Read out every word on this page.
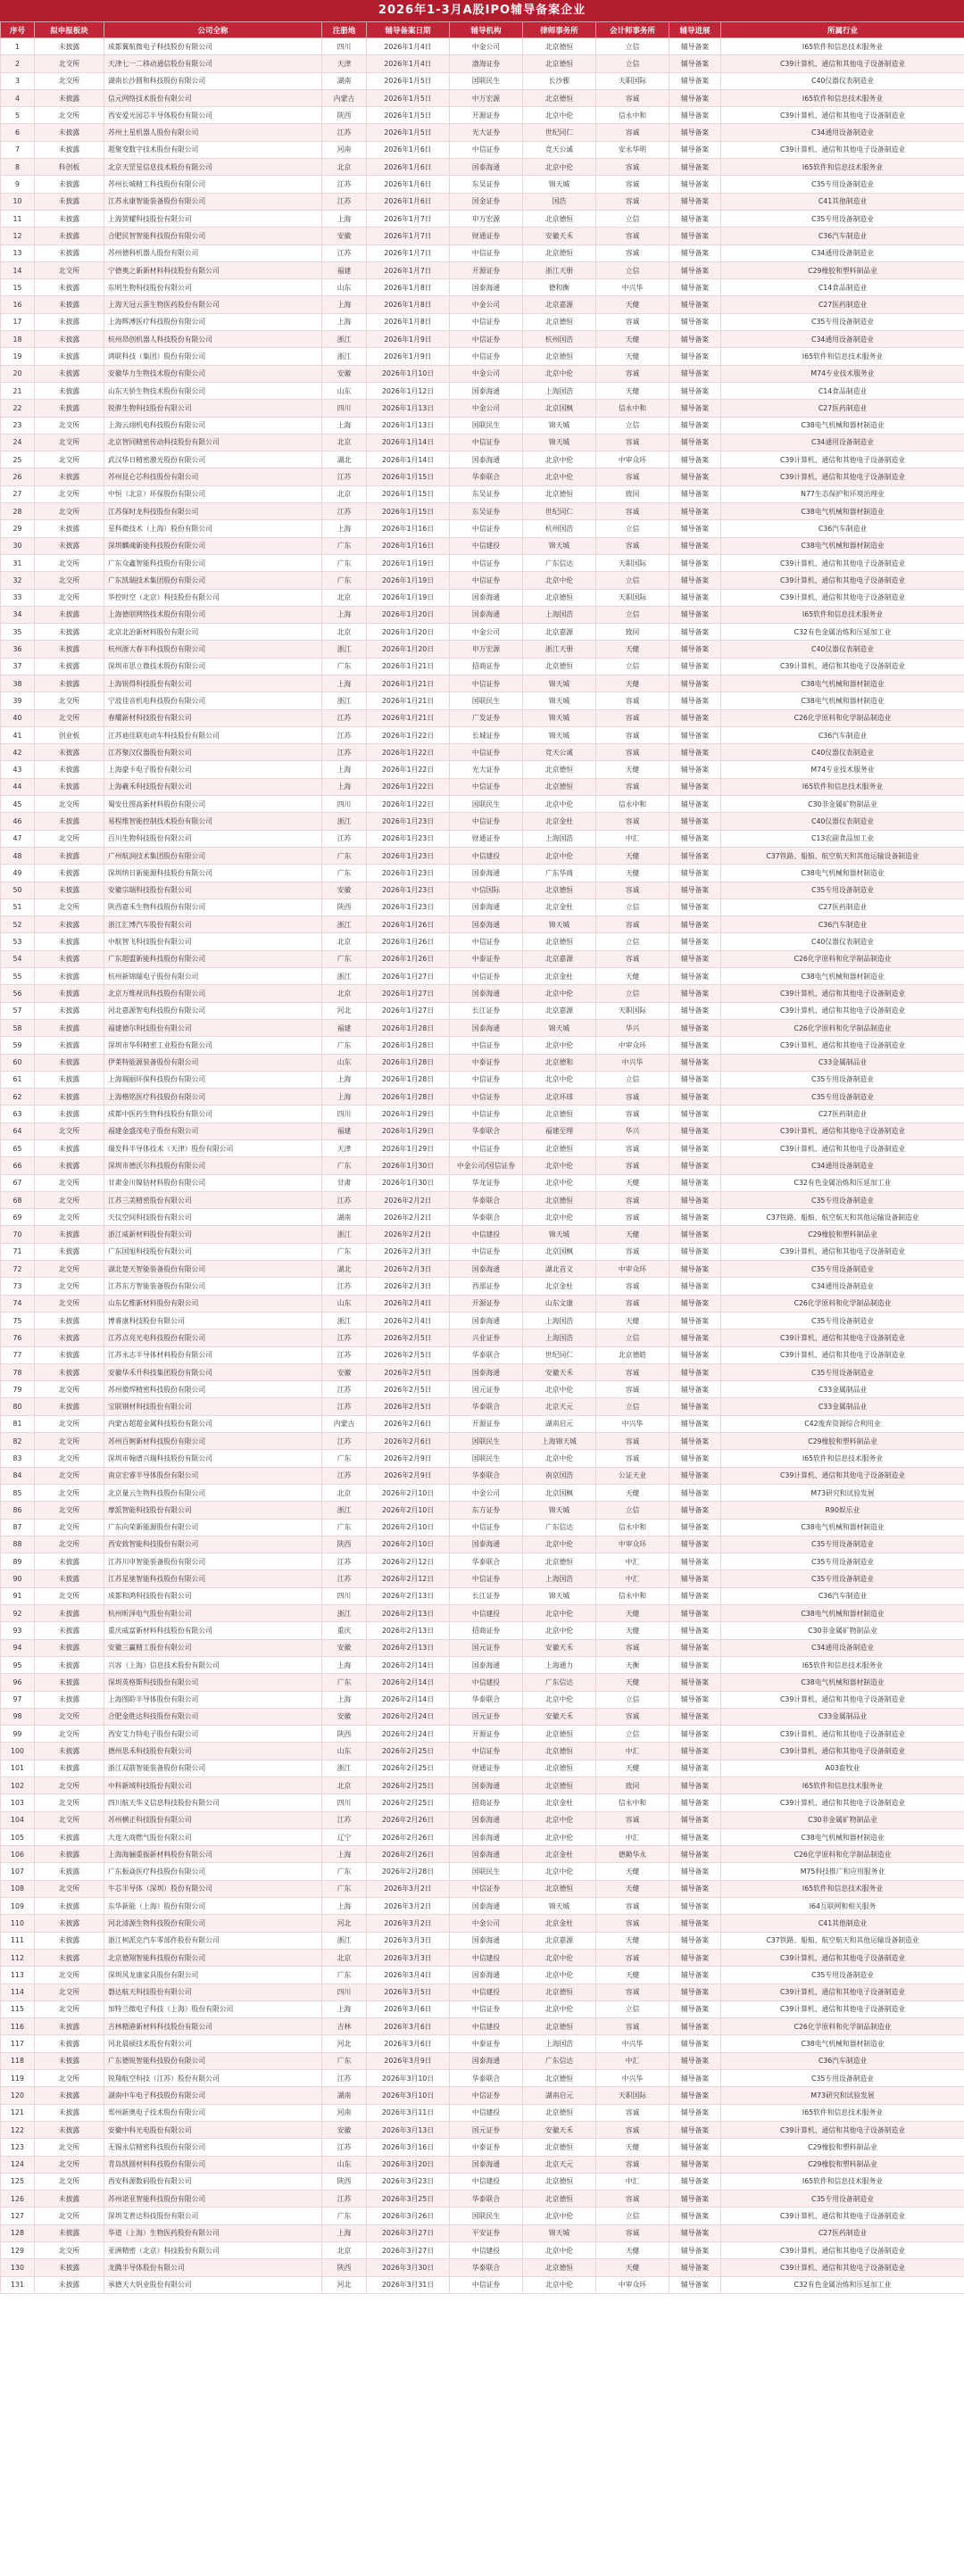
2026年1-3月A股IPO辅导备案企业
序号	拟申报板块	公司全称	注册地	辅导备案日期	辅导机构	律师事务所	会计师事务所	辅导进展	所属行业
1	未披露	成都翼航微电子科技股份有限公司	四川	2026年1月4日	中金公司	北京德恒	立信	辅导备案	I65软件和信息技术服务业
2	北交所	天津七一二移动通信股份有限公司	天津	2026年1月4日	渤海证券	北京德恒	立信	辅导备案	C39计算机、通信和其他电子设备制造业
3	北交所	湖南长沙圆和科技股份有限公司	湖南	2026年1月5日	国联民生	长沙雅	天职国际	辅导备案	C40仪器仪表制造业
4	未披露	信元网络技术股份有限公司	内蒙古	2026年1月5日	中万宏源	北京德恒	容诚	辅导备案	I65软件和信息技术服务业
5	北交所	西安爱光园芯半导体股份有限公司	陕西	2026年1月5日	开源证券	北京中伦	信永中和	辅导备案	C39计算机、通信和其他电子设备制造业
6	未披露	苏州土星机器人股份有限公司	江苏	2026年1月5日	光大证券	世纪同仁	容诚	辅导备案	C34通用设备制造业
7	未披露	超聚变数字技术股份有限公司	河南	2026年1月6日	中信证券	竞天公诚	安永华明	辅导备案	C39计算机、通信和其他电子设备制造业
8	科创板	北京天罡星信息技术股份有限公司	北京	2026年1月6日	国泰海通	北京中伦	容诚	辅导备案	I65软件和信息技术服务业
9	未披露	苏州长城精工科技股份有限公司	江苏	2026年1月6日	东吴证券	锦天城	容诚	辅导备案	C35专用设备制造业
10	未披露	江苏永康智能装备股份有限公司	江苏	2026年1月6日	国金证券	国浩	容诚	辅导备案	C41其他制造业
11	未披露	上海贺耀科技股份有限公司	上海	2026年1月7日	申万宏源	北京德恒	立信	辅导备案	C35专用设备制造业
12	未披露	合肥民智智能科技股份有限公司	安徽	2026年1月7日	财通证券	安徽天禾	容诚	辅导备案	C36汽车制造业
13	未披露	苏州德科机器人股份有限公司	江苏	2026年1月7日	中信证券	北京德恒	容诚	辅导备案	C34通用设备制造业
14	北交所	宁德奥之新新材料科技股份有限公司	福建	2026年1月7日	开源证券	浙江天册	立信	辅导备案	C29橡胶和塑料制品业
15	未披露	东明生物科技股份有限公司	山东	2026年1月8日	国泰海通	德和衡	中兴华	辅导备案	C14食品制造业
16	未披露	上海天冠云蛋生物医药股份有限公司	上海	2026年1月8日	中金公司	北京嘉源	天健	辅导备案	C27医药制造业
17	未披露	上海辉溥医疗科技股份有限公司	上海	2026年1月8日	中信证券	北京德恒	容诚	辅导备案	C35专用设备制造业
18	未披露	杭州昂创机器人科技股份有限公司	浙江	2026年1月9日	中信证券	杭州国浩	天健	辅导备案	C34通用设备制造业
19	未披露	鸿联科技（集团）股份有限公司	浙江	2026年1月9日	中信证券	北京德恒	天健	辅导备案	I65软件和信息技术服务业
20	未披露	安徽华力生物技术股份有限公司	安徽	2026年1月10日	中金公司	北京中伦	容诚	辅导备案	M74专业技术服务业
21	未披露	山东天骄生物技术股份有限公司	山东	2026年1月12日	国泰海通	上海国浩	天健	辅导备案	C14食品制造业
22	未披露	锐骅生物科技股份有限公司	四川	2026年1月13日	中金公司	北京国枫	信永中和	辅导备案	C27医药制造业
23	北交所	上海云翊机电科技股份有限公司	上海	2026年1月13日	国联民生	锦天城	立信	辅导备案	C38电气机械和器材制造业
24	北交所	北京智同精密传动科技股份有限公司	北京	2026年1月14日	中信证券	锦天城	容诚	辅导备案	C34通用设备制造业
25	北交所	武汉华日精密激光股份有限公司	湖北	2026年1月14日	国泰海通	北京中伦	中审众环	辅导备案	C39计算机、通信和其他电子设备制造业
26	未披露	苏州昆仑芯科技股份有限公司	江苏	2026年1月15日	华泰联合	北京中伦	容诚	辅导备案	C39计算机、通信和其他电子设备制造业
27	北交所	中恒（北京）环保股份有限公司	北京	2026年1月15日	东吴证券	北京德恒	致同	辅导备案	N77生态保护和环境治理业
28	北交所	江苏保时龙科技股份有限公司	江苏	2026年1月15日	东吴证券	世纪同仁	容诚	辅导备案	C38电气机械和器材制造业
29	未披露	星科微技术（上海）股份有限公司	上海	2026年1月16日	中信证券	杭州国浩	立信	辅导备案	C36汽车制造业
30	未披露	深圳麟魂新能科技股份有限公司	广东	2026年1月16日	中信建投	锦天城	容诚	辅导备案	C38电气机械和器材制造业
31	北交所	广东众鑫智能科技股份有限公司	广东	2026年1月19日	中信证券	广东信达	天职国际	辅导备案	C39计算机、通信和其他电子设备制造业
32	北交所	广东凯瑞技术集团股份有限公司	广东	2026年1月19日	中信证券	北京中伦	立信	辅导备案	C39计算机、通信和其他电子设备制造业
33	北交所	华控时空（北京）科技股份有限公司	北京	2026年1月19日	国泰海通	北京德恒	天职国际	辅导备案	C39计算机、通信和其他电子设备制造业
34	未披露	上海德朋网络技术股份有限公司	上海	2026年1月20日	国泰海通	上海国浩	立信	辅导备案	I65软件和信息技术服务业
35	未披露	北京北冶新材料股份有限公司	北京	2026年1月20日	中金公司	北京嘉源	致同	辅导备案	C32有色金属冶炼和压延加工业
36	未披露	杭州浙大春丰科技股份有限公司	浙江	2026年1月20日	申万宏源	浙江天册	天健	辅导备案	C40仪器仪表制造业
37	未披露	深圳市思立微技术股份有限公司	广东	2026年1月21日	招商证券	北京德恒	立信	辅导备案	C39计算机、通信和其他电子设备制造业
38	未披露	上海锐得科技股份有限公司	上海	2026年1月21日	中信证券	锦天城	天健	辅导备案	C38电气机械和器材制造业
39	北交所	宁波佳音机电科技股份有限公司	浙江	2026年1月21日	国联民生	锦天城	容诚	辅导备案	C38电气机械和器材制造业
40	北交所	春耀新材科技股份有限公司	江苏	2026年1月21日	广发证券	锦天城	容诚	辅导备案	C26化学原料和化学制品制造业
41	创业板	江苏迪佳联电动车科技股份有限公司	江苏	2026年1月22日	长城证券	锦天城	容诚	辅导备案	C36汽车制造业
42	未披露	江苏聚汉仪器股份有限公司	江苏	2026年1月22日	中信证券	竞天公诚	容诚	辅导备案	C40仪器仪表制造业
43	未披露	上海豪卡电子股份有限公司	上海	2026年1月22日	光大证券	北京德恒	天健	辅导备案	M74专业技术服务业
44	未披露	上海羲禾科技股份有限公司	上海	2026年1月22日	中信证券	北京德恒	容诚	辅导备案	I65软件和信息技术服务业
45	北交所	蜀安仕图高新材料股份有限公司	四川	2026年1月22日	国联民生	北京中伦	信永中和	辅导备案	C30非金属矿物制品业
46	未披露	易程维智能控制技术股份有限公司	浙江	2026年1月23日	中信证券	北京金杜	容诚	辅导备案	C40仪器仪表制造业
47	北交所	百川生物科技股份有限公司	江苏	2026年1月23日	财通证券	上海国浩	中汇	辅导备案	C13农副食品加工业
48	未披露	广州航润技术集团股份有限公司	广东	2026年1月23日	中信建投	北京中伦	天健	辅导备案	C37铁路、船舶、航空航天和其他运输设备制造业
49	未披露	深圳纳日新能源科技股份有限公司	广东	2026年1月23日	国泰海通	广东华商	天健	辅导备案	C38电气机械和器材制造业
50	未披露	安徽宗瑞科技股份有限公司	安徽	2026年1月23日	中信国际	北京德恒	容诚	辅导备案	C35专用设备制造业
51	北交所	陕西嘉禾生物科技股份有限公司	陕西	2026年1月23日	国泰海通	北京金杜	立信	辅导备案	C27医药制造业
52	未披露	浙江汇博汽车股份有限公司	浙江	2026年1月26日	国泰海通	锦天城	容诚	辅导备案	C36汽车制造业
53	未披露	中航智飞科技股份有限公司	北京	2026年1月26日	中信证券	北京德恒	立信	辅导备案	C40仪器仪表制造业
54	未披露	广东超盟新能科技股份有限公司	广东	2026年1月26日	中泰证券	北京嘉源	容诚	辅导备案	C26化学原料和化学制品制造业
55	未披露	杭州新锦瑞电子股份有限公司	浙江	2026年1月27日	中信证券	北京金杜	天健	辅导备案	C38电气机械和器材制造业
56	未披露	北京万维视讯科技股份有限公司	北京	2026年1月27日	国泰海通	北京中伦	立信	辅导备案	C39计算机、通信和其他电子设备制造业
57	未披露	河北嘉源智电科技股份有限公司	河北	2026年1月27日	长江证券	北京嘉源	天职国际	辅导备案	C39计算机、通信和其他电子设备制造业
58	未披露	福建德尔科技股份有限公司	福建	2026年1月28日	国泰海通	锦天城	华兴	辅导备案	C26化学原料和化学制品制造业
59	未披露	深圳市华科精密工业股份有限公司	广东	2026年1月28日	中信证券	北京中伦	中审众环	辅导备案	C39计算机、通信和其他电子设备制造业
60	未披露	伊莱特能源装备股份有限公司	山东	2026年1月28日	中泰证券	北京德和	中兴华	辅导备案	C33金属制品业
61	未披露	上海瑞丽环保科技股份有限公司	上海	2026年1月28日	中信证券	北京中伦	立信	辅导备案	C35专用设备制造业
62	未披露	上海楷铭医疗科技股份有限公司	上海	2026年1月28日	中信证券	北京环球	容诚	辅导备案	C35专用设备制造业
63	未披露	成都中医药生物科技股份有限公司	四川	2026年1月29日	中信证券	北京德恒	容诚	辅导备案	C27医药制造业
64	北交所	福建金盛茂电子股份有限公司	福建	2026年1月29日	华泰联合	福建至理	华兴	辅导备案	C39计算机、通信和其他电子设备制造业
65	未披露	瑞发科半导体技术（天津）股份有限公司	天津	2026年1月29日	中信证券	北京德恒	容诚	辅导备案	C39计算机、通信和其他电子设备制造业
66	未披露	深圳市德沃尔科技股份有限公司	广东	2026年1月30日	中金公司/国信证券	北京中伦	容诚	辅导备案	C34通用设备制造业
67	北交所	甘肃金川镍钴材料股份有限公司	甘肃	2026年1月30日	华龙证券	北京中伦	天健	辅导备案	C32有色金属冶炼和压延加工业
68	北交所	江苏三美精密股份有限公司	江苏	2026年2月2日	华泰联合	北京德恒	容诚	辅导备案	C35专用设备制造业
69	北交所	天仪空间科技股份有限公司	湖南	2026年2月2日	华泰联合	北京中伦	容诚	辅导备案	C37铁路、船舶、航空航天和其他运输设备制造业
70	未披露	浙江威新材料股份有限公司	浙江	2026年2月2日	中信建投	锦天城	天健	辅导备案	C29橡胶和塑料制品业
71	未披露	广东国旭科技股份有限公司	广东	2026年2月3日	中信证券	北京国枫	容诚	辅导备案	C39计算机、通信和其他电子设备制造业
72	北交所	湖北楚天智能装备股份有限公司	湖北	2026年2月3日	国泰海通	湖北首义	中审众环	辅导备案	C35专用设备制造业
73	北交所	江苏东方智能装备股份有限公司	江苏	2026年2月3日	西部证券	北京金杜	容诚	辅导备案	C34通用设备制造业
74	北交所	山东亿维新材料股份有限公司	山东	2026年2月4日	开源证券	山东文康	容诚	辅导备案	C26化学原料和化学制品制造业
75	未披露	博睿康科技股份有限公司	浙江	2026年2月4日	国泰海通	上海国浩	天健	辅导备案	C35专用设备制造业
76	未披露	江苏点亮光电科技股份有限公司	江苏	2026年2月5日	兴业证券	上海国浩	立信	辅导备案	C39计算机、通信和其他电子设备制造业
77	未披露	江苏永志半导体材料股份有限公司	江苏	2026年2月5日	华泰联合	世纪同仁	北京德皓	辅导备案	C39计算机、通信和其他电子设备制造业
78	未披露	安徽华禾升科技集团股份有限公司	安徽	2026年2月5日	国泰海通	安徽天禾	容诚	辅导备案	C35专用设备制造业
79	北交所	苏州微焊精密科技股份有限公司	江苏	2026年2月5日	国元证券	北京中伦	容诚	辅导备案	C33金属制品业
80	未披露	宝联钢材科技股份有限公司	江苏	2026年2月5日	华泰联合	北京天元	立信	辅导备案	C33金属制品业
81	北交所	内蒙古超超金属科技股份有限公司	内蒙古	2026年2月6日	开源证券	湖南启元	中兴华	辅导备案	C42废弃资源综合利用业
82	北交所	苏州百舸新材科技股份有限公司	江苏	2026年2月6日	国联民生	上海锦天城	容诚	辅导备案	C29橡胶和塑料制品业
83	北交所	深圳市翰谱兴瑞科技股份有限公司	广东	2026年2月9日	国联民生	北京中伦	容诚	辅导备案	I65软件和信息技术服务业
84	北交所	南京宏睿半导体股份有限公司	江苏	2026年2月9日	华泰联合	南京国浩	公证天业	辅导备案	C39计算机、通信和其他电子设备制造业
85	北交所	北京量云生物科技股份有限公司	北京	2026年2月10日	中金公司	北京国枫	天健	辅导备案	M73研究和试验发展
86	北交所	摩派智能科技股份有限公司	浙江	2026年2月10日	东方证券	锦天城	立信	辅导备案	R90娱乐业
87	北交所	广东向荣新能源股份有限公司	广东	2026年2月10日	中信证券	广东信达	信永中和	辅导备案	C38电气机械和器材制造业
88	北交所	西安致智能科技股份有限公司	陕西	2026年2月10日	国泰海通	北京中伦	中审众环	辅导备案	C35专用设备制造业
89	未披露	江苏川申智能装备股份有限公司	江苏	2026年2月12日	华泰联合	北京德恒	中汇	辅导备案	C35专用设备制造业
90	未披露	江苏星驰智能科技股份有限公司	江苏	2026年2月12日	中信证券	上海国浩	中汇	辅导备案	C35专用设备制造业
91	北交所	成都和鸿科技股份有限公司	四川	2026年2月13日	长江证券	锦天城	信永中和	辅导备案	C36汽车制造业
92	未披露	杭州昕泽电气股份有限公司	浙江	2026年2月13日	中信建投	北京中伦	天健	辅导备案	C38电气机械和器材制造业
93	未披露	重庆威富新材料科技股份有限公司	重庆	2026年2月13日	招商证券	北京中伦	天健	辅导备案	C30非金属矿物制品业
94	未披露	安徽三赢精工股份有限公司	安徽	2026年2月13日	国元证券	安徽天禾	容诚	辅导备案	C34通用设备制造业
95	未披露	兴容（上海）信息技术股份有限公司	上海	2026年2月14日	国泰海通	上海通力	天衡	辅导备案	I65软件和信息技术服务业
96	未披露	深圳英格斯科技股份有限公司	广东	2026年2月14日	中信建投	广东信达	天健	辅导备案	C38电气机械和器材制造业
97	未披露	上海图聆半导体股份有限公司	上海	2026年2月14日	华泰联合	北京中伦	立信	辅导备案	C39计算机、通信和其他电子设备制造业
98	北交所	合肥金胜达科技股份有限公司	安徽	2026年2月24日	国元证券	安徽天禾	容诚	辅导备案	C33金属制品业
99	北交所	西安艾力特电子股份有限公司	陕西	2026年2月24日	开源证券	北京德恒	立信	辅导备案	C39计算机、通信和其他电子设备制造业
100	未披露	德州思禾科技股份有限公司	山东	2026年2月25日	中信证券	北京德恒	中汇	辅导备案	C39计算机、通信和其他电子设备制造业
101	未披露	浙江双箭智能装备股份有限公司	浙江	2026年2月25日	财通证券	北京德恒	天健	辅导备案	A03畜牧业
102	北交所	中科新域科技股份有限公司	北京	2026年2月25日	国泰海通	北京德恒	致同	辅导备案	I65软件和信息技术服务业
103	北交所	四川航天华义信息科技股份有限公司	四川	2026年2月25日	招商证券	北京金杜	信永中和	辅导备案	C39计算机、通信和其他电子设备制造业
104	北交所	苏州横正科技股份有限公司	江苏	2026年2月26日	国泰海通	北京中伦	容诚	辅导备案	C30非金属矿物制品业
105	未披露	大连大商燃气股份有限公司	辽宁	2026年2月26日	国泰海通	北京中伦	中汇	辅导备案	C38电气机械和器材制造业
106	未披露	上海海骊重振新材料股份有限公司	上海	2026年2月26日	国泰海通	北京金杜	德勤华永	辅导备案	C26化学原料和化学制品制造业
107	未披露	广东振焱医疗科技股份有限公司	广东	2026年2月28日	国联民生	北京中伦	天健	辅导备案	M75科技推广和应用服务业
108	北交所	牛芯半导体（深圳）股份有限公司	广东	2026年3月2日	中信证券	北京德恒	天健	辅导备案	I65软件和信息技术服务业
109	未披露	东华新能（上海）股份有限公司	上海	2026年3月2日	国泰海通	锦天城	容诚	辅导备案	I64互联网和相关服务
110	未披露	河北清源生物科技股份有限公司	河北	2026年3月2日	中金公司	北京金杜	容诚	辅导备案	C41其他制造业
111	未披露	浙江柯派克汽车零部件股份有限公司	浙江	2026年3月3日	国泰海通	北京嘉源	天健	辅导备案	C37铁路、船舶、航空航天和其他运输设备制造业
112	未披露	北京德翔智能科技股份有限公司	北京	2026年3月3日	中信建投	北京中伦	容诚	辅导备案	C39计算机、通信和其他电子设备制造业
113	北交所	深圳风龙康家具股份有限公司	广东	2026年3月4日	国泰海通	北京中伦	天健	辅导备案	C35专用设备制造业
114	北交所	磐达航天科技股份有限公司	四川	2026年3月5日	中信建投	北京德恒	容诚	辅导备案	C39计算机、通信和其他电子设备制造业
115	北交所	加特兰微电子科技（上海）股份有限公司	上海	2026年3月6日	中信证券	北京中伦	立信	辅导备案	C39计算机、通信和其他电子设备制造业
116	未披露	吉林精港新材料科技股份有限公司	吉林	2026年3月6日	中信建投	北京德恒	容诚	辅导备案	C26化学原料和化学制品制造业
117	未披露	河北晨硕技术股份有限公司	河北	2026年3月6日	中泰证券	上海国浩	中兴华	辅导备案	C38电气机械和器材制造业
118	未披露	广东德锐智能科技股份有限公司	广东	2026年3月9日	国泰海通	广东信达	中汇	辅导备案	C36汽车制造业
119	北交所	锐翔航空科技（江苏）股份有限公司	江苏	2026年3月10日	华泰联合	北京德恒	中兴华	辅导备案	C35专用设备制造业
120	未披露	湖南中车电子科技股份有限公司	湖南	2026年3月10日	中信证券	湖南启元	天职国际	辅导备案	M73研究和试验发展
121	未披露	郑州新奥电子技术股份有限公司	河南	2026年3月11日	中信建投	北京德恒	容诚	辅导备案	I65软件和信息技术服务业
122	未披露	安徽中科光电股份有限公司	安徽	2026年3月13日	国元证券	安徽天禾	容诚	辅导备案	C39计算机、通信和其他电子设备制造业
123	北交所	无锡永信精密科技股份有限公司	江苏	2026年3月16日	中泰证券	北京德恒	天健	辅导备案	C29橡胶和塑料制品业
124	北交所	青岛凯圆材料科技股份有限公司	山东	2026年3月20日	国泰海通	北京天元	容诚	辅导备案	C29橡胶和塑料制品业
125	北交所	西安科源数码股份有限公司	陕西	2026年3月23日	中信建投	北京德恒	中汇	辅导备案	I65软件和信息技术服务业
126	未披露	苏州诺亚智能科技股份有限公司	江苏	2026年3月25日	华泰联合	北京德恒	容诚	辅导备案	C35专用设备制造业
127	北交所	深圳艾普达科技股份有限公司	广东	2026年3月26日	国联民生	北京中伦	立信	辅导备案	C39计算机、通信和其他电子设备制造业
128	未披露	华道（上海）生物医药股份有限公司	上海	2026年3月27日	平安证券	锦天城	容诚	辅导备案	C27医药制造业
129	北交所	亚洲精密（北京）科技股份有限公司	北京	2026年3月27日	中信建投	北京中伦	天健	辅导备案	C39计算机、通信和其他电子设备制造业
130	未披露	龙腾半导体股份有限公司	陕西	2026年3月30日	华泰联合	北京德恒	天健	辅导备案	C39计算机、通信和其他电子设备制造业
131	未披露	承德天大钒业股份有限公司	河北	2026年3月31日	中信证券	北京中伦	中审众环	辅导备案	C32有色金属冶炼和压延加工业
